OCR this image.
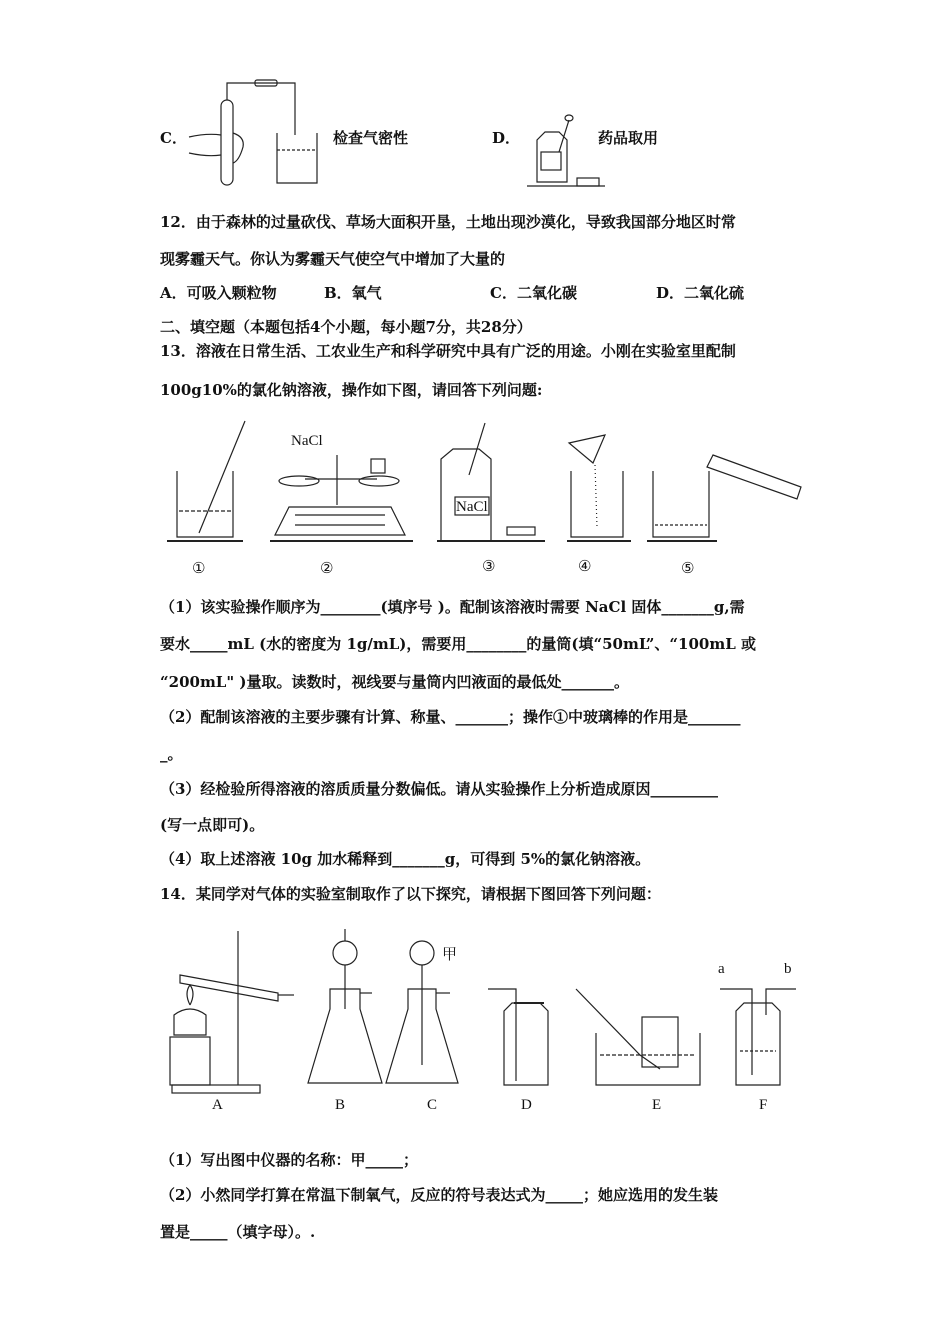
C．	检查气密性	D．	药品取用
12．由于森林的过量砍伐、草场大面积开垦，土地出现沙漠化，导致我国部分地区时常
现雾霾天气。你认为雾霾天气使空气中增加了大量的
A．可吸入颗粒物	B．氧气	C．二氧化碳	D．二氧化硫
二、填空题（本题包括4个小题，每小题7分，共28分）
13．溶液在日常生活、工农业生产和科学研究中具有广泛的用途。小刚在实验室里配制
100g10%的氯化钠溶液，操作如下图，请回答下列问题:
NaCl
NaCl
①	②	③	④	⑤
（1）该实验操作顺序为________(填序号 )。配制该溶液时需要 NaCl 固体_______g,需
要水_____mL (水的密度为 1g/mL)，需要用________的量筒(填“50mL”、“100mL 或
“200mL" )量取。读数时，视线要与量筒内凹液面的最低处_______。
（2）配制该溶液的主要步骤有计算、称量、_______；操作①中玻璃棒的作用是_______
_。
（3）经检验所得溶液的溶质质量分数偏低。请从实验操作上分析造成原因_________
(写一点即可)。
（4）取上述溶液 10g 加水稀释到_______g，可得到 5%的氯化钠溶液。
14．某同学对气体的实验室制取作了以下探究，请根据下图回答下列问题：
甲
a	b
A	B	C	D	E	F
（1）写出图中仪器的名称：甲_____；
（2）小然同学打算在常温下制氧气，反应的符号表达式为_____；她应选用的发生装
置是_____（填字母）。.
